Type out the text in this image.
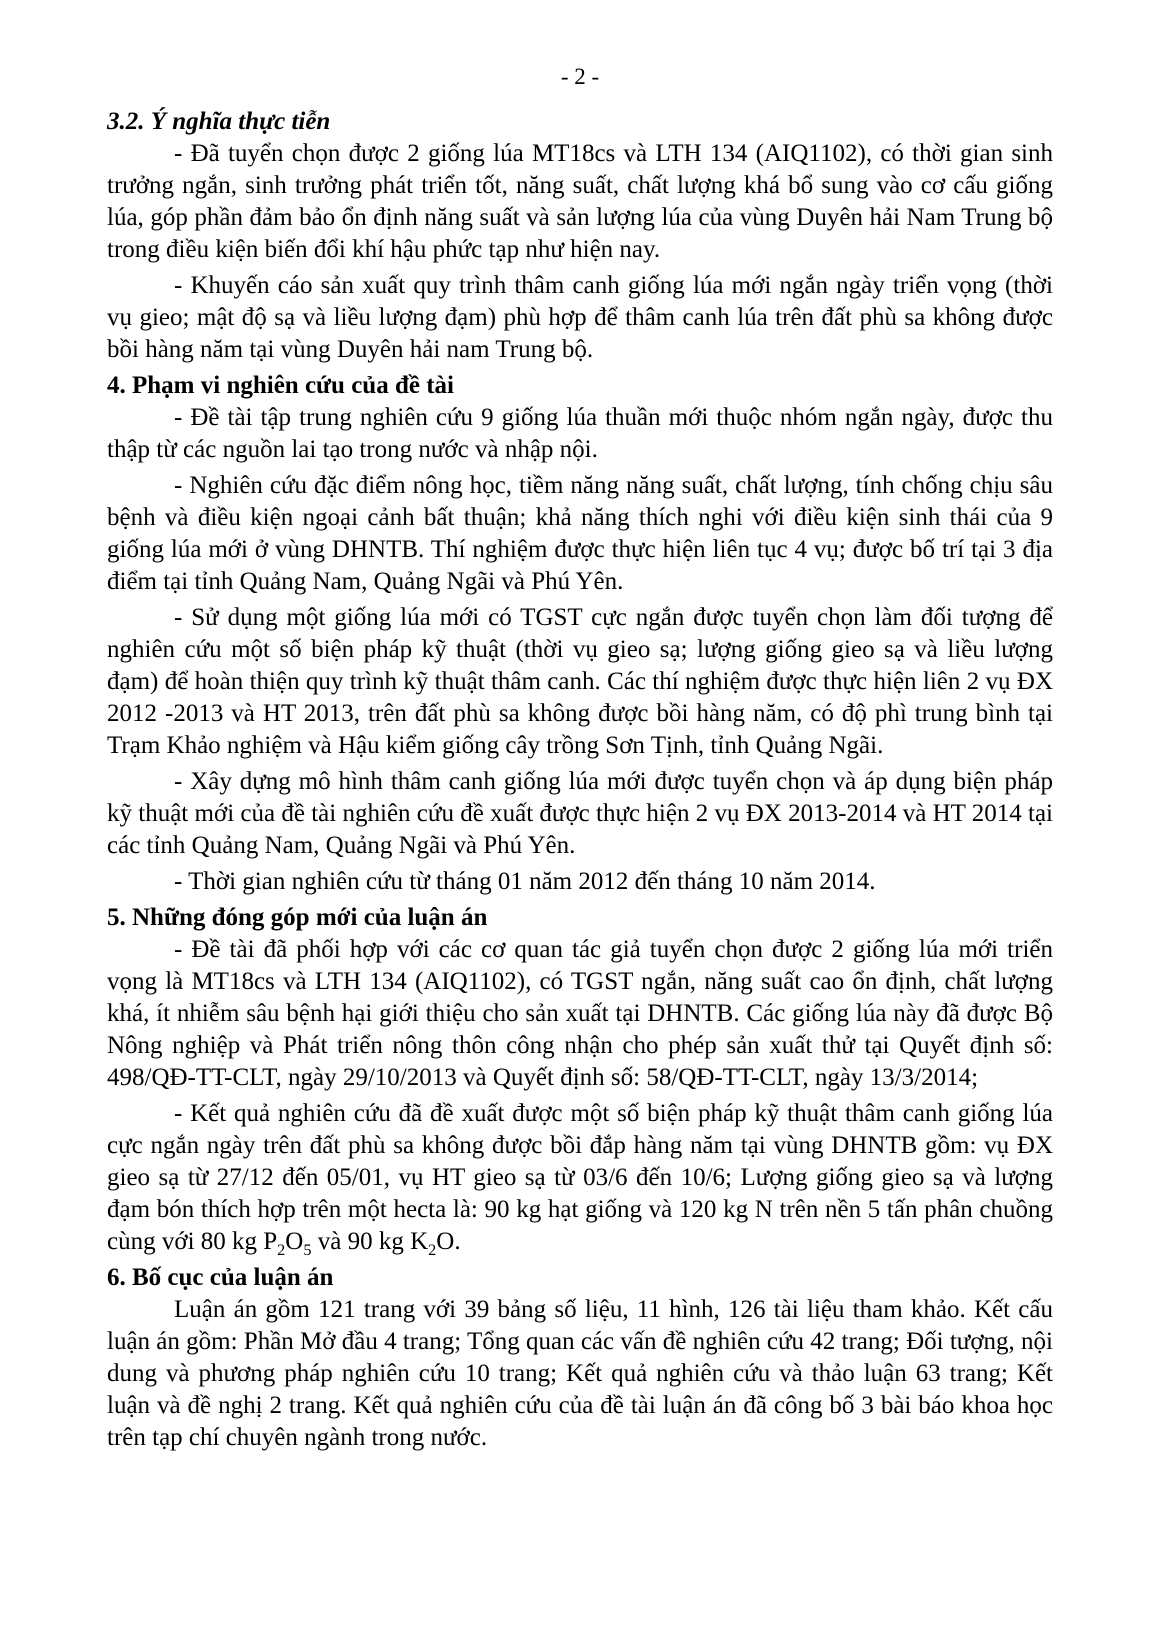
- 2 -
3.2. Ý nghĩa thực tiễn

- Đã tuyển chọn được 2 giống lúa MT18cs và LTH 134 (AIQ1102), có thời gian sinh trưởng ngắn, sinh trưởng phát triển tốt, năng suất, chất lượng khá bổ sung vào cơ cấu giống lúa, góp phần đảm bảo ổn định năng suất và sản lượng lúa của vùng Duyên hải Nam Trung bộ trong điều kiện biến đổi khí hậu phức tạp như hiện nay.

- Khuyến cáo sản xuất quy trình thâm canh giống lúa mới ngắn ngày triển vọng (thời vụ gieo; mật độ sạ và liều lượng đạm) phù hợp để thâm canh lúa trên đất phù sa không được bồi hàng năm tại vùng Duyên hải nam Trung bộ.

4. Phạm vi nghiên cứu của đề tài

- Đề tài tập trung nghiên cứu 9 giống lúa thuần mới thuộc nhóm ngắn ngày, được thu thập từ các nguồn lai tạo trong nước và nhập nội.

- Nghiên cứu đặc điểm nông học, tiềm năng năng suất, chất lượng, tính chống chịu sâu bệnh và điều kiện ngoại cảnh bất thuận; khả năng thích nghi với điều kiện sinh thái của 9 giống lúa mới ở vùng DHNTB. Thí nghiệm được thực hiện liên tục 4 vụ; được bố trí tại 3 địa điểm tại tỉnh Quảng Nam, Quảng Ngãi và Phú Yên.

- Sử dụng một giống lúa mới có TGST cực ngắn được tuyển chọn làm đối tượng để nghiên cứu một số biện pháp kỹ thuật (thời vụ gieo sạ; lượng giống gieo sạ và liều lượng đạm) để hoàn thiện quy trình kỹ thuật thâm canh. Các thí nghiệm được thực hiện liên 2 vụ ĐX 2012 -2013 và HT 2013, trên đất phù sa không được bồi hàng năm, có độ phì trung bình tại Trạm Khảo nghiệm và Hậu kiểm giống cây trồng Sơn Tịnh, tỉnh Quảng Ngãi.

- Xây dựng mô hình thâm canh giống lúa mới được tuyển chọn và áp dụng biện pháp kỹ thuật mới của đề tài nghiên cứu đề xuất được thực hiện 2 vụ ĐX 2013-2014 và HT 2014 tại các tỉnh Quảng Nam, Quảng Ngãi và Phú Yên.

- Thời gian nghiên cứu từ tháng 01 năm 2012 đến tháng 10 năm 2014.

5. Những đóng góp mới của luận án

- Đề tài đã phối hợp với các cơ quan tác giả tuyển chọn được 2 giống lúa mới triển vọng là MT18cs và LTH 134 (AIQ1102), có TGST ngắn, năng suất cao ổn định, chất lượng khá, ít nhiễm sâu bệnh hại giới thiệu cho sản xuất tại DHNTB. Các giống lúa này đã được Bộ Nông nghiệp và Phát triển nông thôn công nhận cho phép sản xuất thử tại Quyết định số: 498/QĐ-TT-CLT, ngày 29/10/2013 và Quyết định số: 58/QĐ-TT-CLT, ngày 13/3/2014;

- Kết quả nghiên cứu đã đề xuất được một số biện pháp kỹ thuật thâm canh giống lúa cực ngắn ngày trên đất phù sa không được bồi đắp hàng năm tại vùng DHNTB gồm: vụ ĐX gieo sạ từ 27/12 đến 05/01, vụ HT gieo sạ từ 03/6 đến 10/6; Lượng giống gieo sạ và lượng đạm bón thích hợp trên một hecta là: 90 kg hạt giống và 120 kg N trên nền 5 tấn phân chuồng cùng với 80 kg $P_2O_5$ và 90 kg $K_2O$.

6. Bố cục của luận án

Luận án gồm 121 trang với 39 bảng số liệu, 11 hình, 126 tài liệu tham khảo. Kết cấu luận án gồm: Phần Mở đầu 4 trang; Tổng quan các vấn đề nghiên cứu 42 trang; Đối tượng, nội dung và phương pháp nghiên cứu 10 trang; Kết quả nghiên cứu và thảo luận 63 trang; Kết luận và đề nghị 2 trang. Kết quả nghiên cứu của đề tài luận án đã công bố 3 bài báo khoa học trên tạp chí chuyên ngành trong nước.
